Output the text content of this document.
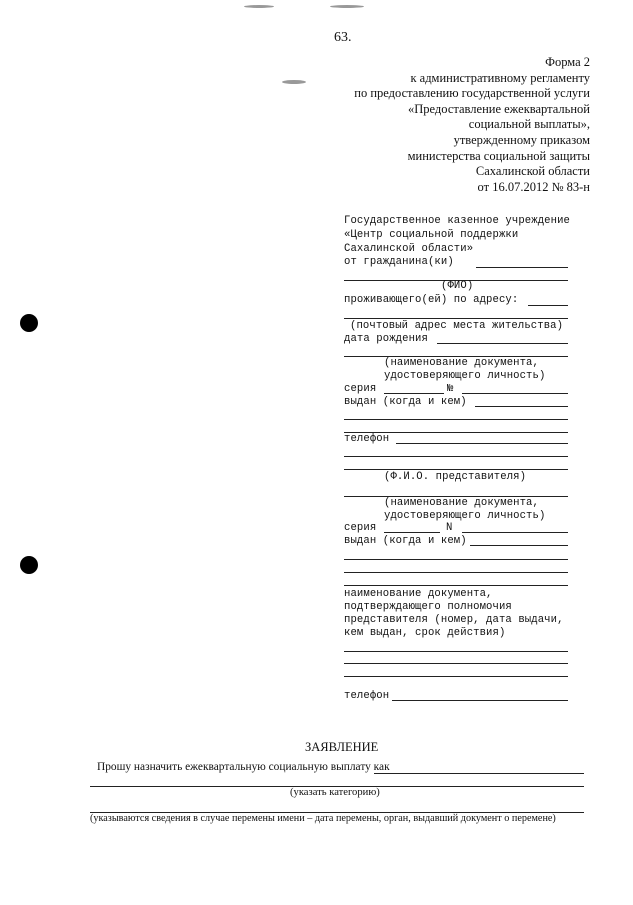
63.
Форма 2
к административному регламенту
по предоставлению государственной услуги
«Предоставление ежеквартальной
социальной выплаты»,
утвержденному приказом
министерства социальной защиты
Сахалинской области
от 16.07.2012 № 83-н
Государственное казенное учреждение
«Центр социальной поддержки
Сахалинской области»
от гражданина(ки)
(ФИО)
проживающего(ей) по адресу:
(почтовый адрес места жительства)
дата рождения
(наименование документа,
удостоверяющего личность)
серия	№
выдан (когда и кем)
телефон
(Ф.И.О. представителя)
(наименование документа,
удостоверяющего личность)
серия	N
выдан (когда и кем)
наименование документа,
подтверждающего полномочия
представителя (номер, дата выдачи,
кем выдан, срок действия)
телефон
ЗАЯВЛЕНИЕ
Прошу назначить ежеквартальную социальную выплату как
(указать категорию)
(указываются сведения в случае перемены имени – дата перемены, орган, выдавший документ о перемене)
